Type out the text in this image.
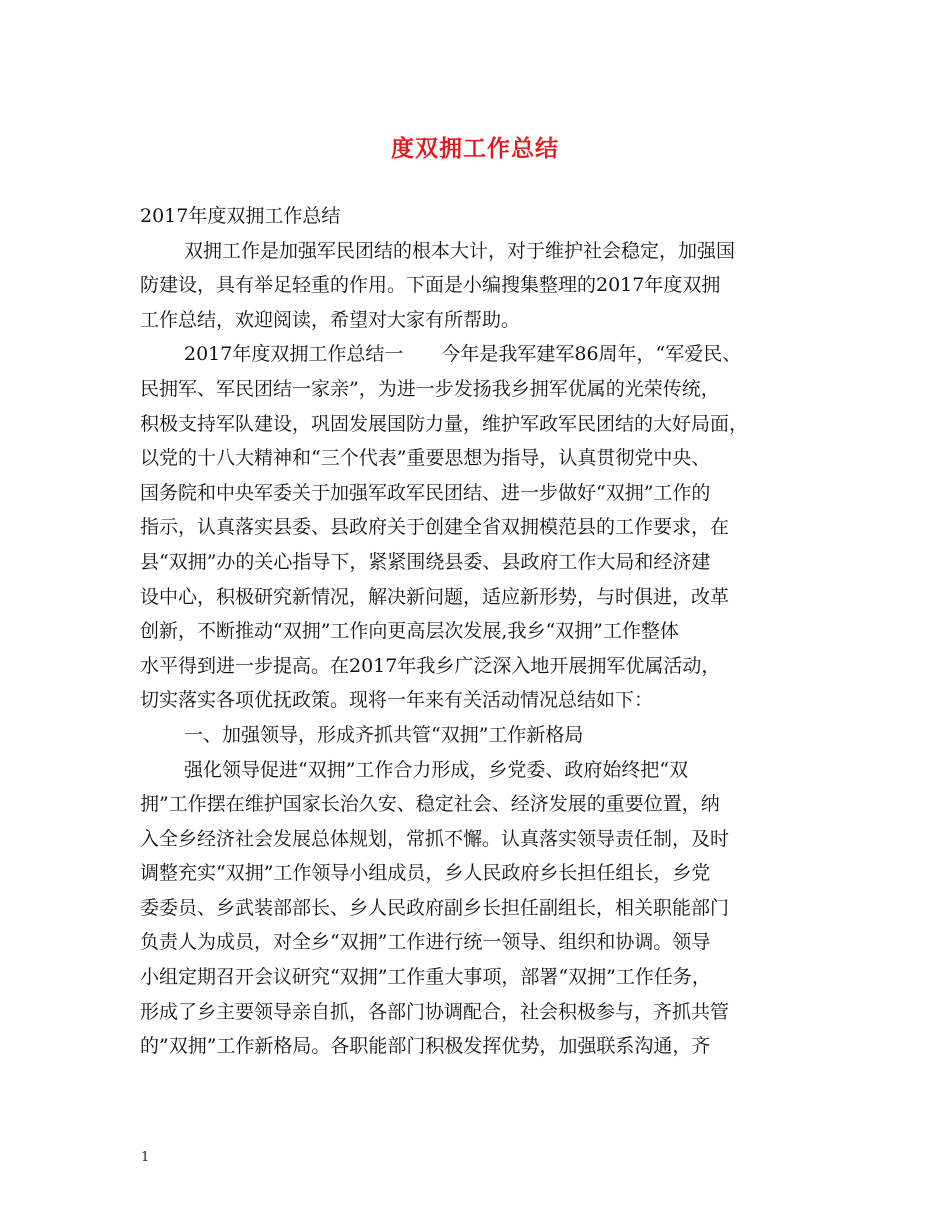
度双拥工作总结
2017年度双拥工作总结
双拥工作是加强军民团结的根本大计，对于维护社会稳定，加强国
防建设，具有举足轻重的作用。下面是小编搜集整理的2017年度双拥
工作总结，欢迎阅读，希望对大家有所帮助。
2017年度双拥工作总结一　　今年是我军建军86周年，“军爱民、
民拥军、军民团结一家亲”，为进一步发扬我乡拥军优属的光荣传统，
积极支持军队建设，巩固发展国防力量，维护军政军民团结的大好局面，
以党的十八大精神和“三个代表”重要思想为指导，认真贯彻党中央、
国务院和中央军委关于加强军政军民团结、进一步做好“双拥”工作的
指示，认真落实县委、县政府关于创建全省双拥模范县的工作要求，在
县“双拥”办的关心指导下，紧紧围绕县委、县政府工作大局和经济建
设中心，积极研究新情况，解决新问题，适应新形势，与时俱进，改革
创新，不断推动“双拥”工作向更高层次发展,我乡“双拥”工作整体
水平得到进一步提高。在2017年我乡广泛深入地开展拥军优属活动，
切实落实各项优抚政策。现将一年来有关活动情况总结如下：
一、加强领导，形成齐抓共管“双拥”工作新格局
强化领导促进“双拥”工作合力形成，乡党委、政府始终把“双
拥”工作摆在维护国家长治久安、稳定社会、经济发展的重要位置，纳
入全乡经济社会发展总体规划，常抓不懈。认真落实领导责任制，及时
调整充实“双拥”工作领导小组成员，乡人民政府乡长担任组长，乡党
委委员、乡武装部部长、乡人民政府副乡长担任副组长，相关职能部门
负责人为成员，对全乡“双拥”工作进行统一领导、组织和协调。领导
小组定期召开会议研究“双拥”工作重大事项，部署“双拥”工作任务，
形成了乡主要领导亲自抓，各部门协调配合，社会积极参与，齐抓共管
的”双拥”工作新格局。各职能部门积极发挥优势，加强联系沟通，齐
1
